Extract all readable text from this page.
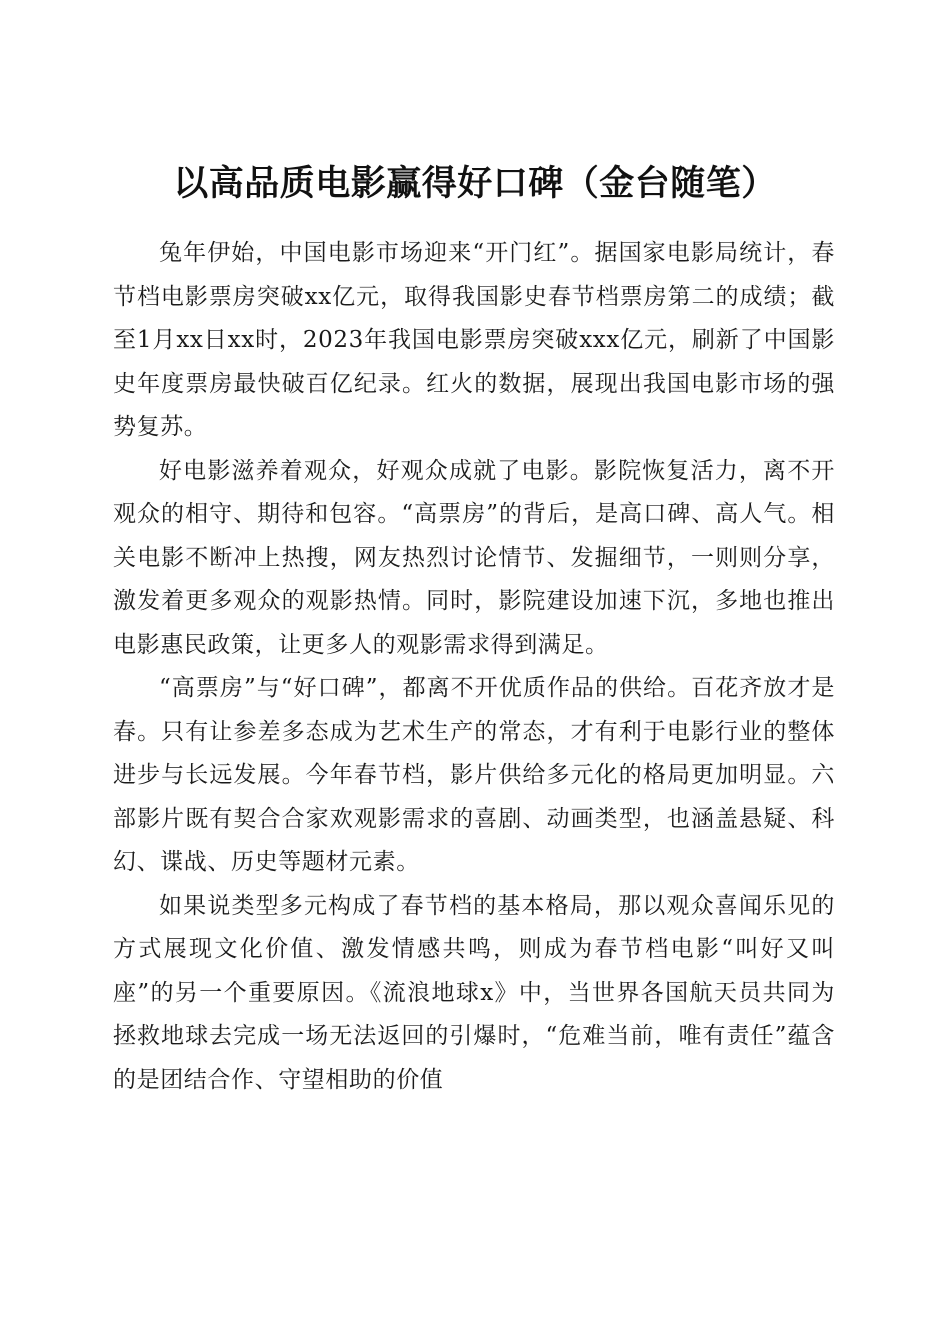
以高品质电影赢得好口碑（金台随笔）

兔年伊始，中国电影市场迎来“开门红”。据国家电影局统计，春节档电影票房突破xx亿元，取得我国影史春节档票房第二的成绩；截至1月xx日xx时，2023年我国电影票房突破xxx亿元，刷新了中国影史年度票房最快破百亿纪录。红火的数据，展现出我国电影市场的强势复苏。

好电影滋养着观众，好观众成就了电影。影院恢复活力，离不开观众的相守、期待和包容。“高票房”的背后，是高口碑、高人气。相关电影不断冲上热搜，网友热烈讨论情节、发掘细节，一则则分享，激发着更多观众的观影热情。同时，影院建设加速下沉，多地也推出电影惠民政策，让更多人的观影需求得到满足。

“高票房”与“好口碑”，都离不开优质作品的供给。百花齐放才是春。只有让参差多态成为艺术生产的常态，才有利于电影行业的整体进步与长远发展。今年春节档，影片供给多元化的格局更加明显。六部影片既有契合合家欢观影需求的喜剧、动画类型，也涵盖悬疑、科幻、谍战、历史等题材元素。

如果说类型多元构成了春节档的基本格局，那以观众喜闻乐见的方式展现文化价值、激发情感共鸣，则成为春节档电影“叫好又叫座”的另一个重要原因。《流浪地球x》中，当世界各国航天员共同为拯救地球去完成一场无法返回的引爆时，“危难当前，唯有责任”蕴含的是团结合作、守望相助的价值
